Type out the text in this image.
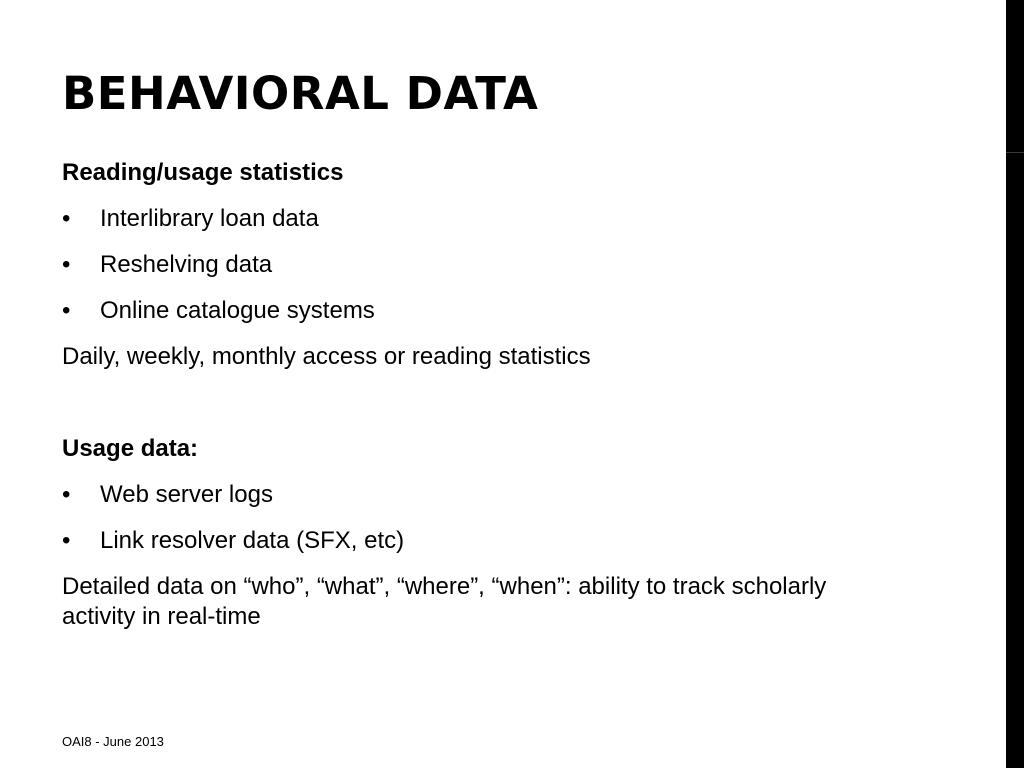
BEHAVIORAL DATA
Reading/usage statistics
• Interlibrary loan data
• Reshelving data
• Online catalogue systems
Daily, weekly, monthly access or reading statistics
Usage data:
• Web server logs
• Link resolver data (SFX, etc)
Detailed data on “who”, “what”, “where”, “when”: ability to track scholarly activity in real-time
OAI8 - June 2013
